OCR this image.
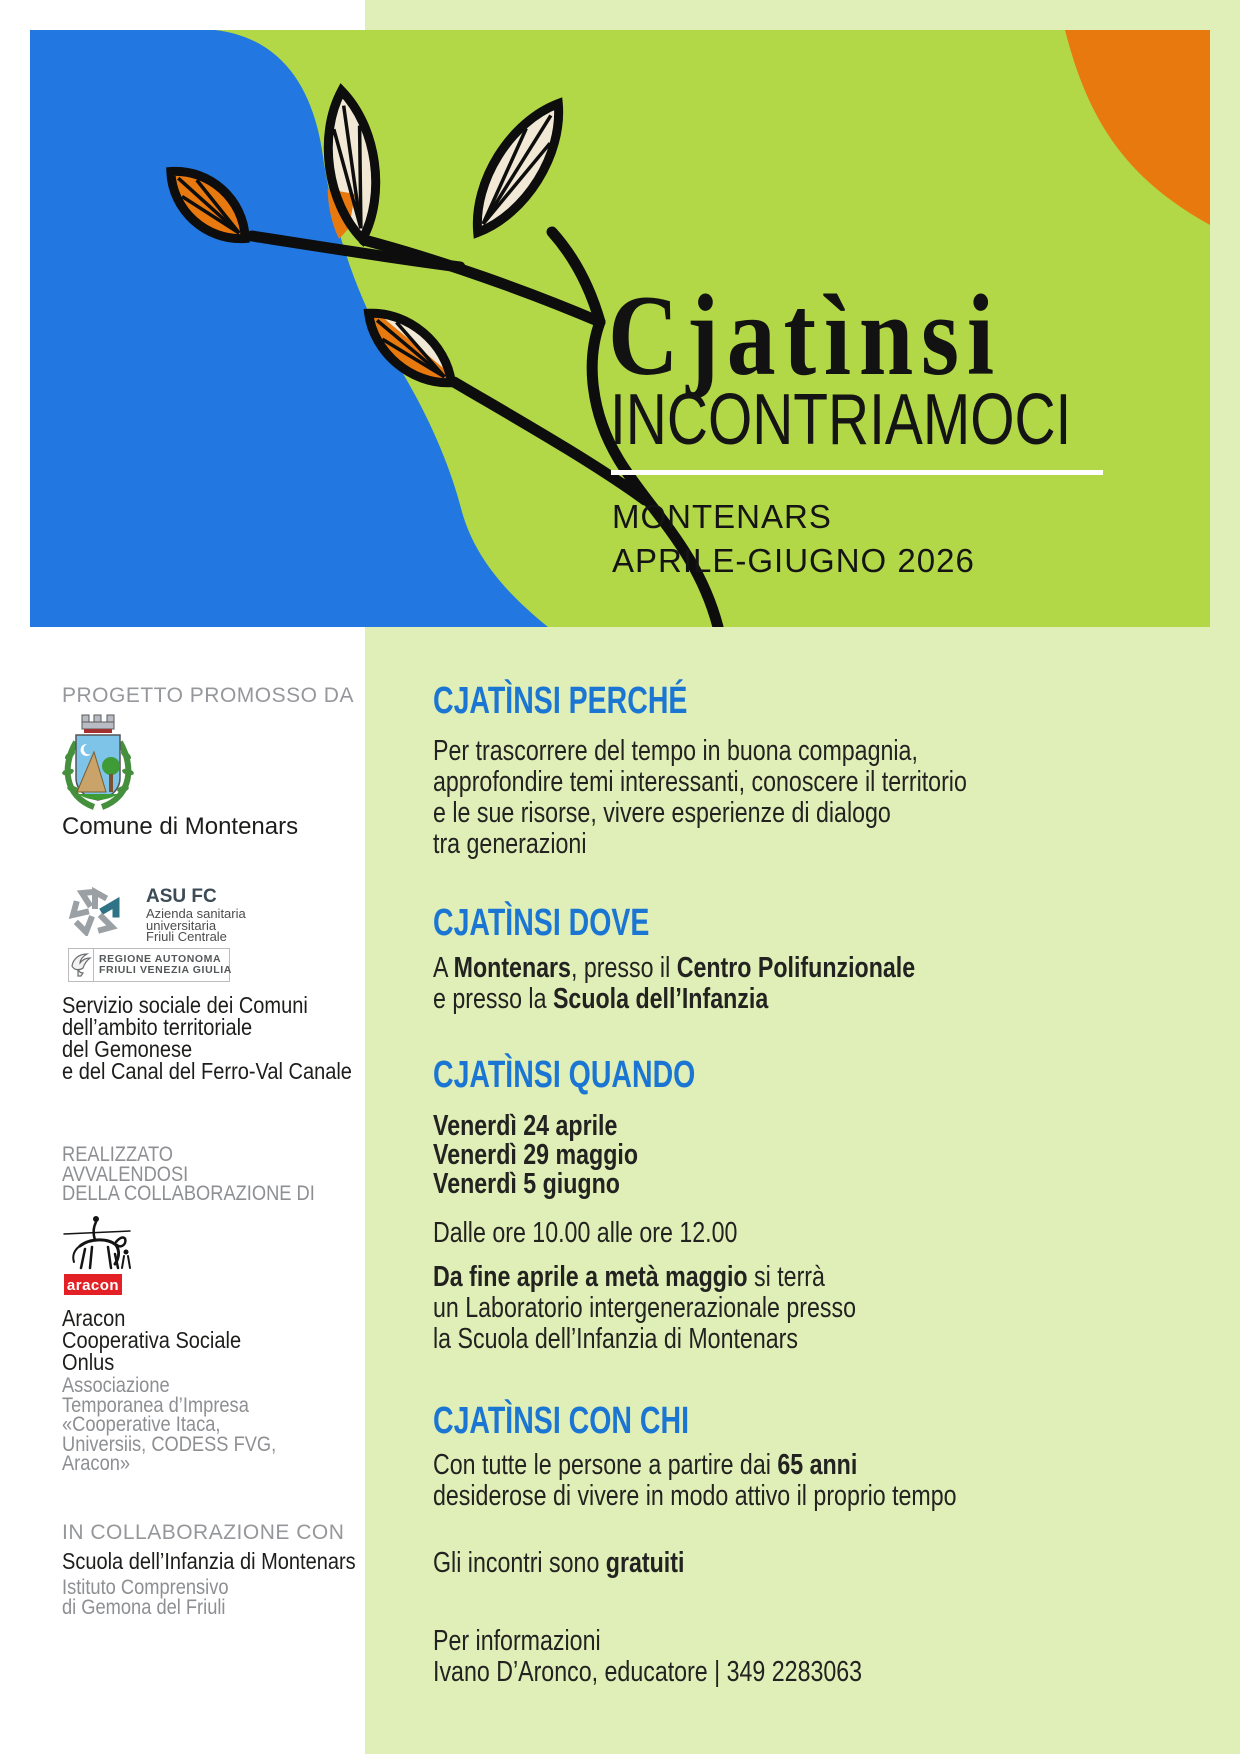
Cjatìnsi
INCONTRIAMOCI
MONTENARS
APRILE-GIUGNO 2026
PROGETTO PROMOSSO DA
Comune di Montenars
ASU FC
Azienda sanitaria
universitaria
Friuli Centrale
REGIONE AUTONOMA
FRIULI VENEZIA GIULIA
Servizio sociale dei Comuni
dell’ambito territoriale
del Gemonese
e del Canal del Ferro-Val Canale
REALIZZATO
AVVALENDOSI
DELLA COLLABORAZIONE DI
aracon
Aracon
Cooperativa Sociale
Onlus
Associazione
Temporanea d’Impresa
«Cooperative Itaca,
Universiis, CODESS FVG,
Aracon»
IN COLLABORAZIONE CON
Scuola dell’Infanzia di Montenars
Istituto Comprensivo
di Gemona del Friuli
CJATÌNSI PERCHÉ
Per trascorrere del tempo in buona compagnia,
approfondire temi interessanti, conoscere il territorio
e le sue risorse, vivere esperienze di dialogo
tra generazioni
CJATÌNSI DOVE
A Montenars, presso il Centro Polifunzionale
e presso la Scuola dell’Infanzia
CJATÌNSI QUANDO
Venerdì 24 aprile
Venerdì 29 maggio
Venerdì 5 giugno
Dalle ore 10.00 alle ore 12.00
Da fine aprile a metà maggio si terrà
un Laboratorio intergenerazionale presso
la Scuola dell’Infanzia di Montenars
CJATÌNSI CON CHI
Con tutte le persone a partire dai 65 anni
desiderose di vivere in modo attivo il proprio tempo
Gli incontri sono gratuiti
Per informazioni
Ivano D’Aronco, educatore | 349 2283063
